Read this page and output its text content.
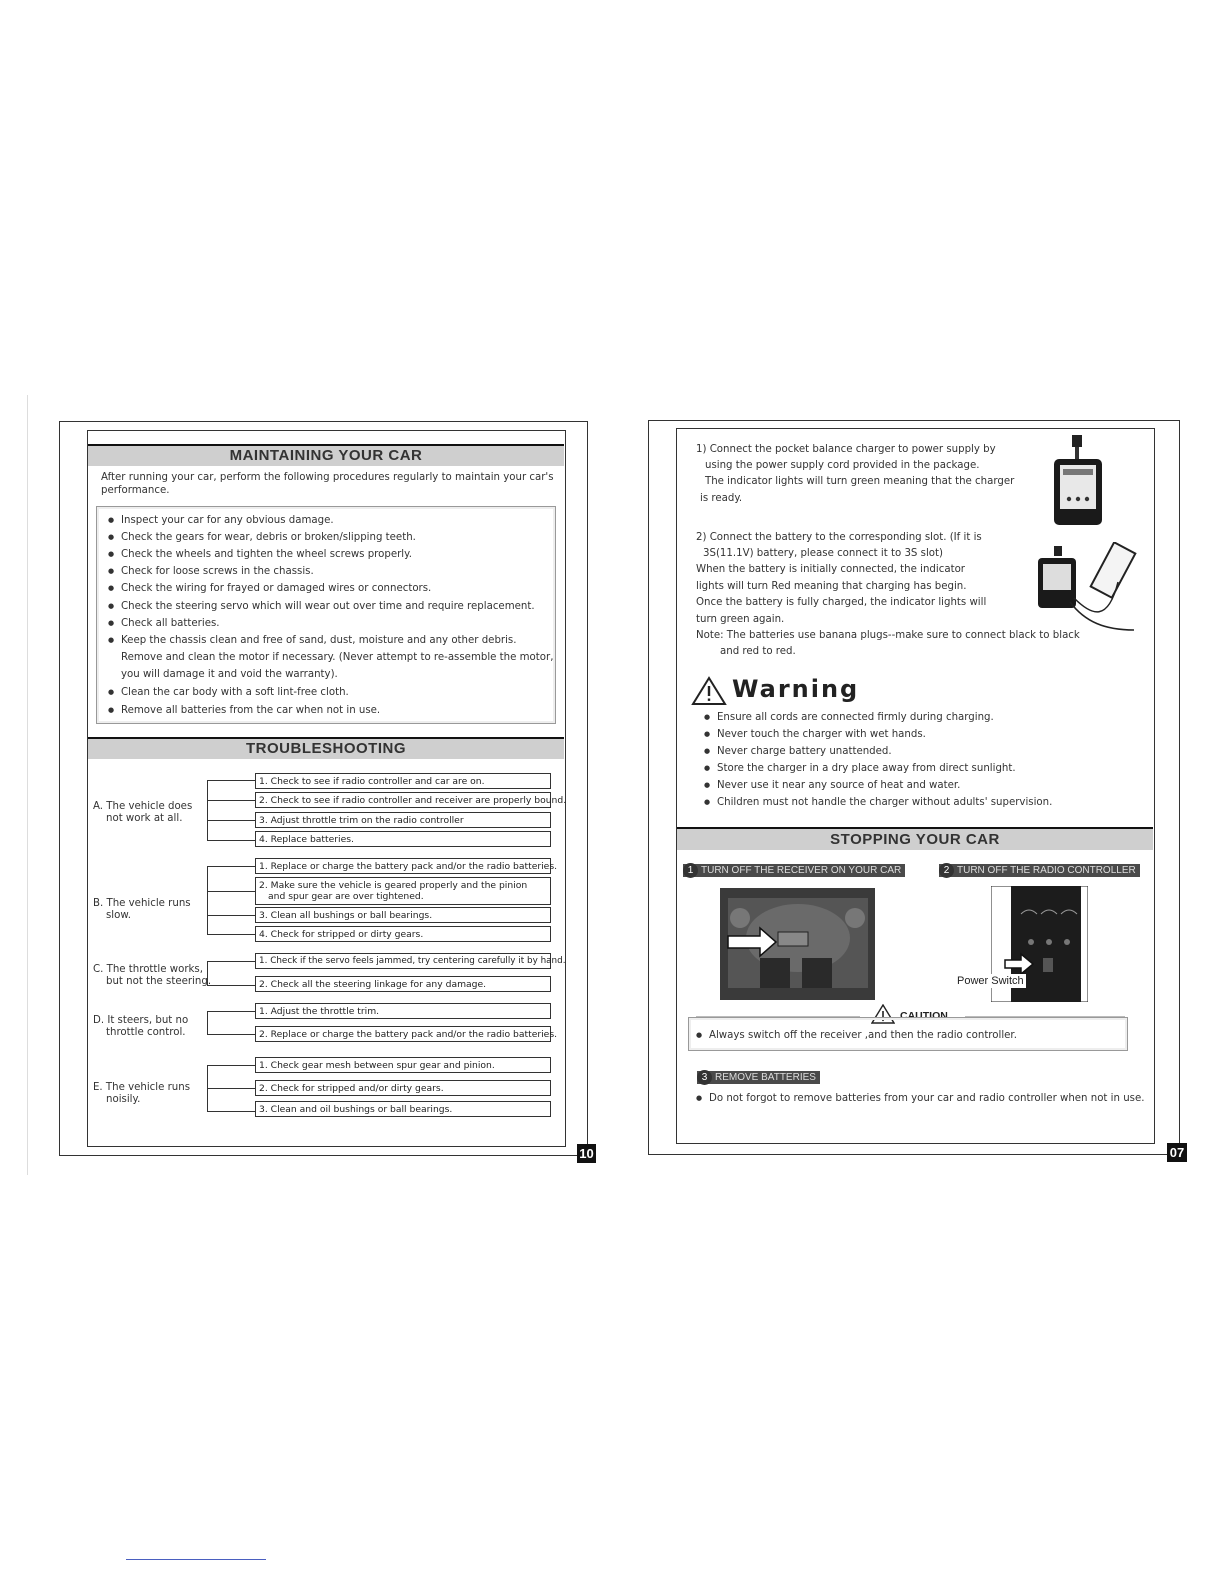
10
MAINTAINING YOUR CAR
After running your car, perform the following procedures regularly to maintain your car's
performance.
● Inspect your car for any obvious damage.
● Check the gears for wear, debris or broken/slipping teeth.
● Check the wheels and tighten the wheel screws properly.
● Check for loose screws in the chassis.
● Check the wiring for frayed or damaged wires or connectors.
● Check the steering servo which will wear out over time and require replacement.
● Check all batteries.
● Keep the chassis clean and free of sand, dust, moisture and any other debris.
Remove and clean the motor if necessary. (Never attempt to re-assemble the motor,
you will damage it and void the warranty).
● Clean the car body with a soft lint-free cloth.
● Remove all batteries from the car when not in use.
TROUBLESHOOTING
A. The vehicle does
not work at all.
1. Check to see if radio controller and car are on.
2. Check to see if radio controller and receiver are properly bound.
3. Adjust throttle trim on the radio controller
4. Replace batteries.
B. The vehicle runs
slow.
1. Replace or charge the battery pack and/or the radio batteries.
2. Make sure the vehicle is geared properly and the pinion
and spur gear are over tightened.
3. Clean all bushings or ball bearings.
4. Check for stripped or dirty gears.
C. The throttle works,
but not the steering.
1. Check if the servo feels jammed, try centering carefully it by hand.
2. Check all the steering linkage for any damage.
D. It steers, but no
throttle control.
1. Adjust the throttle trim.
2. Replace or charge the battery pack and/or the radio batteries.
E. The vehicle runs
noisily.
1. Check gear mesh between spur gear and pinion.
2. Check for stripped and/or dirty gears.
3. Clean and oil bushings or ball bearings.
07
1) Connect the pocket balance charger to power supply by
using the power supply cord provided in the package.
The indicator lights will turn green meaning that the charger
is ready.
2) Connect the battery to the corresponding slot. (If it is
3S(11.1V) battery, please connect it to 3S slot)
When the battery is initially connected, the indicator
lights will turn Red meaning that charging has begin.
Once the battery is fully charged, the indicator lights will
turn green again.
Note: The batteries use banana plugs--make sure to connect black to black
and red to red.
Warning
● Ensure all cords are connected firmly during charging.
● Never touch the charger with wet hands.
● Never charge battery unattended.
● Store the charger in a dry place away from direct sunlight.
● Never use it near any source of heat and water.
● Children must not handle the charger without adults' supervision.
STOPPING YOUR CAR
1 TURN OFF THE RECEIVER ON YOUR CAR	2 TURN OFF THE RADIO CONTROLLER
Power Switch
CAUTION
● Always switch off the receiver ,and then the radio controller.
3 REMOVE BATTERIES
● Do not forgot to remove batteries from your car and radio controller when not in use.
